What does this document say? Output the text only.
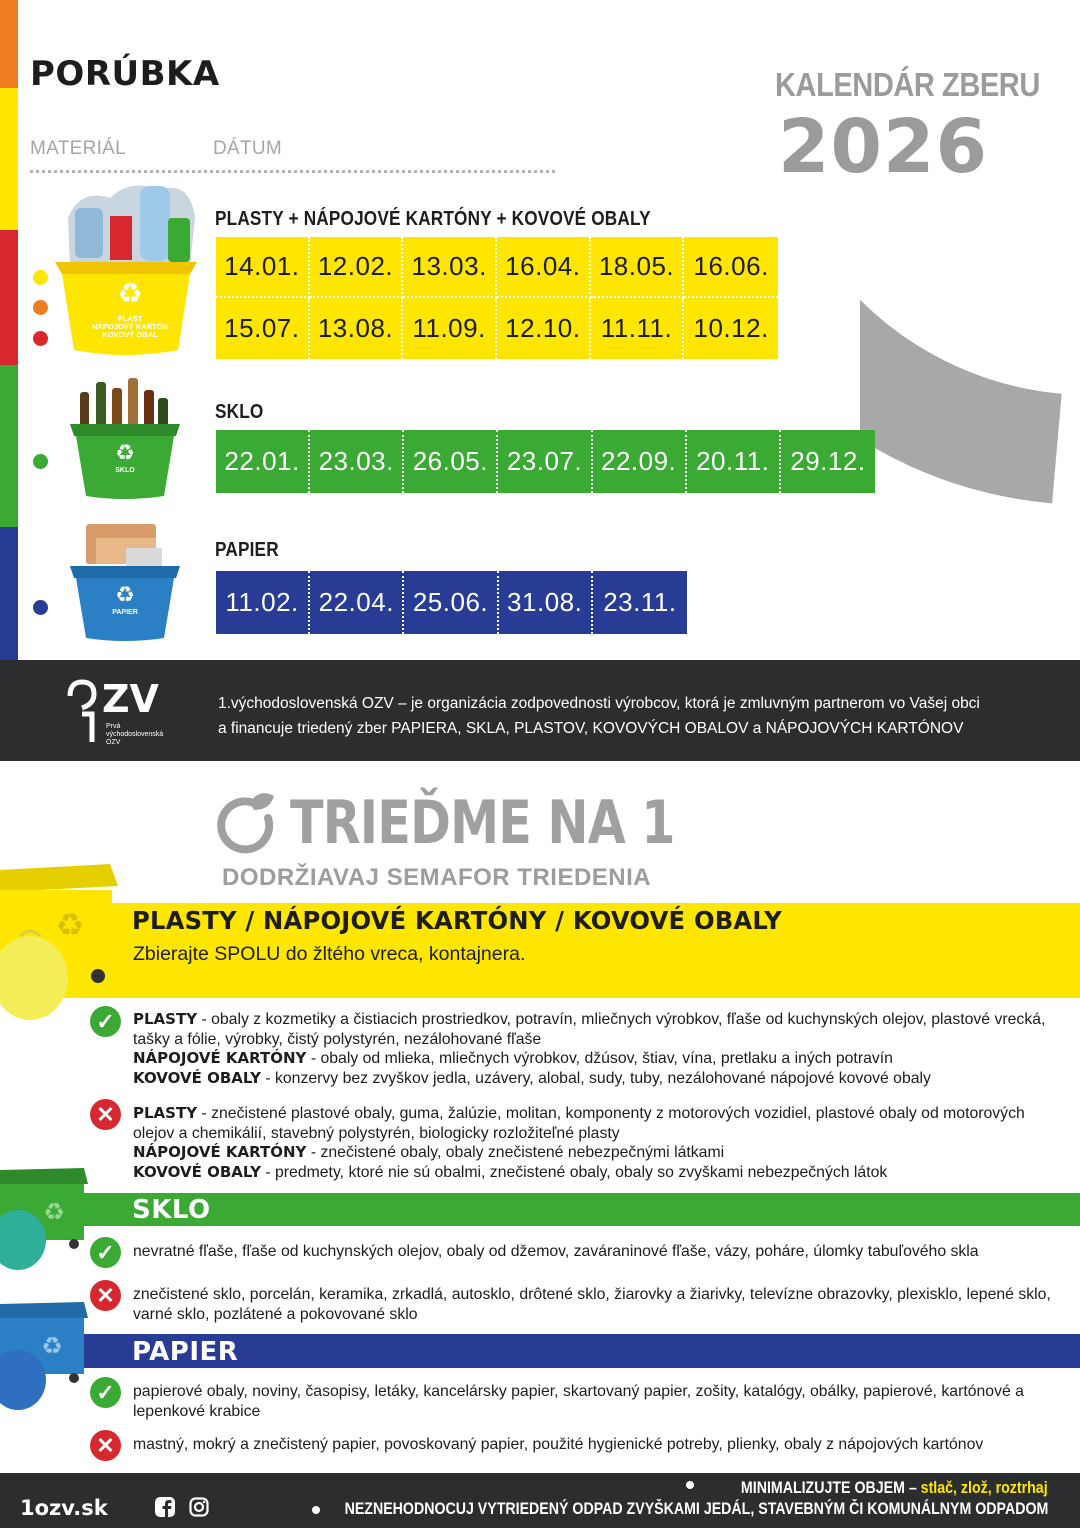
PORÚBKA
MATERIÁL	DÁTUM
KALENDÁR ZBERU
2026
PLASTY + NÁPOJOVÉ KARTÓNY + KOVOVÉ OBALY
♻
PLAST
NÁPOJOVÝ KARTÓN
KOVOVÝ OBAL
14.01. 12.02. 13.03. 16.04. 18.05. 16.06.
15.07. 13.08. 11.09. 12.10. 11.11. 10.12.
SKLO
♻
SKLO	22.01. 23.03. 26.05. 23.07. 22.09. 20.11. 29.12.
PAPIER
♻
PAPIER	11.02. 22.04. 25.06. 31.08. 23.11.
ZV
Prvá
východoslovenská
OZV
1.východoslovenská OZV – je organizácia zodpovednosti výrobcov, ktorá je zmluvným partnerom vo Vašej obci
a financuje triedený zber PAPIERA, SKLA, PLASTOV, KOVOVÝCH OBALOV a NÁPOJOVÝCH KARTÓNOV
TRIEĎME NA 1
DODRŽIAVAJ SEMAFOR TRIEDENIA
♻ PLASTY / NÁPOJOVÉ KARTÓNY / KOVOVÉ OBALY
Zbierajte SPOLU do žltého vreca, kontajnera.
✓	PLASTY - obaly z kozmetiky a čistiacich prostriedkov, potravín, mliečnych výrobkov, fľaše od kuchynských olejov, plastové vrecká, tašky a fólie, výrobky, čistý polystyrén, nezálohované fľaše
NÁPOJOVÉ KARTÓNY - obaly od mlieka, mliečnych výrobkov, džúsov, štiav, vína, pretlaku a iných potravín
KOVOVÉ OBALY - konzervy bez zvyškov jedla, uzávery, alobal, sudy, tuby, nezálohované nápojové kovové obaly
✕	PLASTY - znečistené plastové obaly, guma, žalúzie, molitan, komponenty z motorových vozidiel, plastové obaly od motorových olejov a chemikálií, stavebný polystyrén, biologicky rozložiteľné plasty
NÁPOJOVÉ KARTÓNY - znečistené obaly, obaly znečistené nebezpečnými látkami
KOVOVÉ OBALY - predmety, ktoré nie sú obalmi, znečistené obaly, obaly so zvyškami nebezpečných látok
♻	SKLO
✓	nevratné fľaše, fľaše od kuchynských olejov, obaly od džemov, zaváraninové fľaše, vázy, poháre, úlomky tabuľového skla
✕	znečistené sklo, porcelán, keramika, zrkadlá, autosklo, drôtené sklo, žiarovky a žiarivky, televízne obrazovky, plexisklo, lepené sklo, varné sklo, pozlátené a pokovované sklo
♻	PAPIER
✓	papierové obaly, noviny, časopisy, letáky, kancelársky papier, skartovaný papier, zošity, katalógy, obálky, papierové, kartónové a lepenkové krabice
✕	mastný, mokrý a znečistený papier, povoskovaný papier, použité hygienické potreby, plienky, obaly z nápojových kartónov
1ozv.sk
MINIMALIZUJTE OBJEM – stlač, zlož, roztrhaj
NEZNEHODNOCUJ VYTRIEDENÝ ODPAD ZVYŠKAMI JEDÁL, STAVEBNÝM ČI KOMUNÁLNYM ODPADOM
